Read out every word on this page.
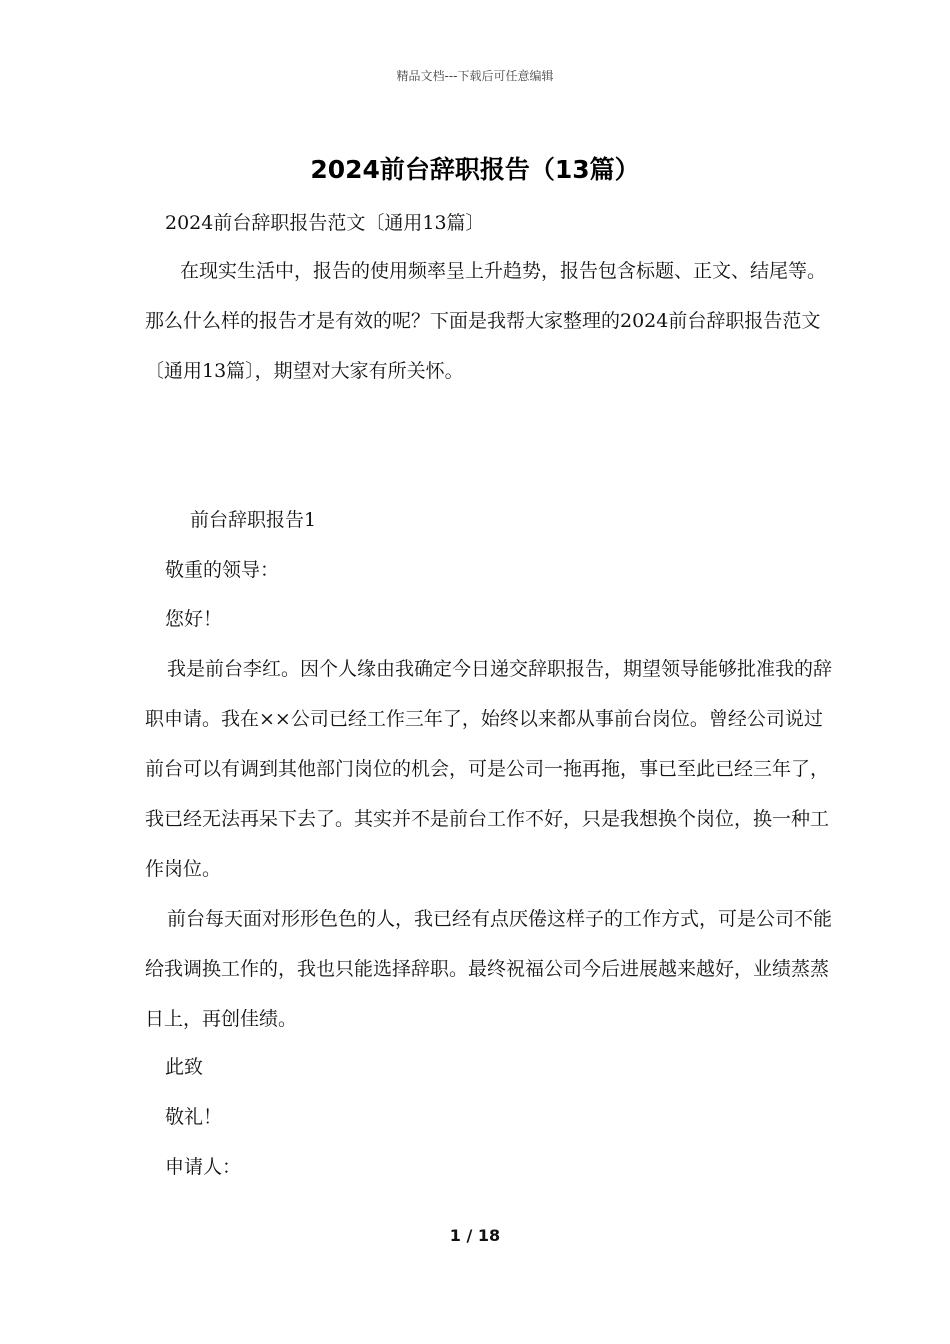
精品文档---下载后可任意编辑
2024前台辞职报告（13篇）
2024前台辞职报告范文〔通用13篇〕

在现实生活中，报告的使用频率呈上升趋势，报告包含标题、正文、结尾等。那么什么样的报告才是有效的呢？下面是我帮大家整理的2024前台辞职报告范文〔通用13篇〕，期望对大家有所关怀。

前台辞职报告1
敬重的领导：
您好！

我是前台李红。因个人缘由我确定今日递交辞职报告，期望领导能够批准我的辞职申请。我在××公司已经工作三年了，始终以来都从事前台岗位。曾经公司说过前台可以有调到其他部门岗位的机会，可是公司一拖再拖，事已至此已经三年了，我已经无法再呆下去了。其实并不是前台工作不好，只是我想换个岗位，换一种工作岗位。

前台每天面对形形色色的人，我已经有点厌倦这样子的工作方式，可是公司不能给我调换工作的，我也只能选择辞职。最终祝福公司今后进展越来越好，业绩蒸蒸日上，再创佳绩。

此致
敬礼！
申请人：
1 / 18
